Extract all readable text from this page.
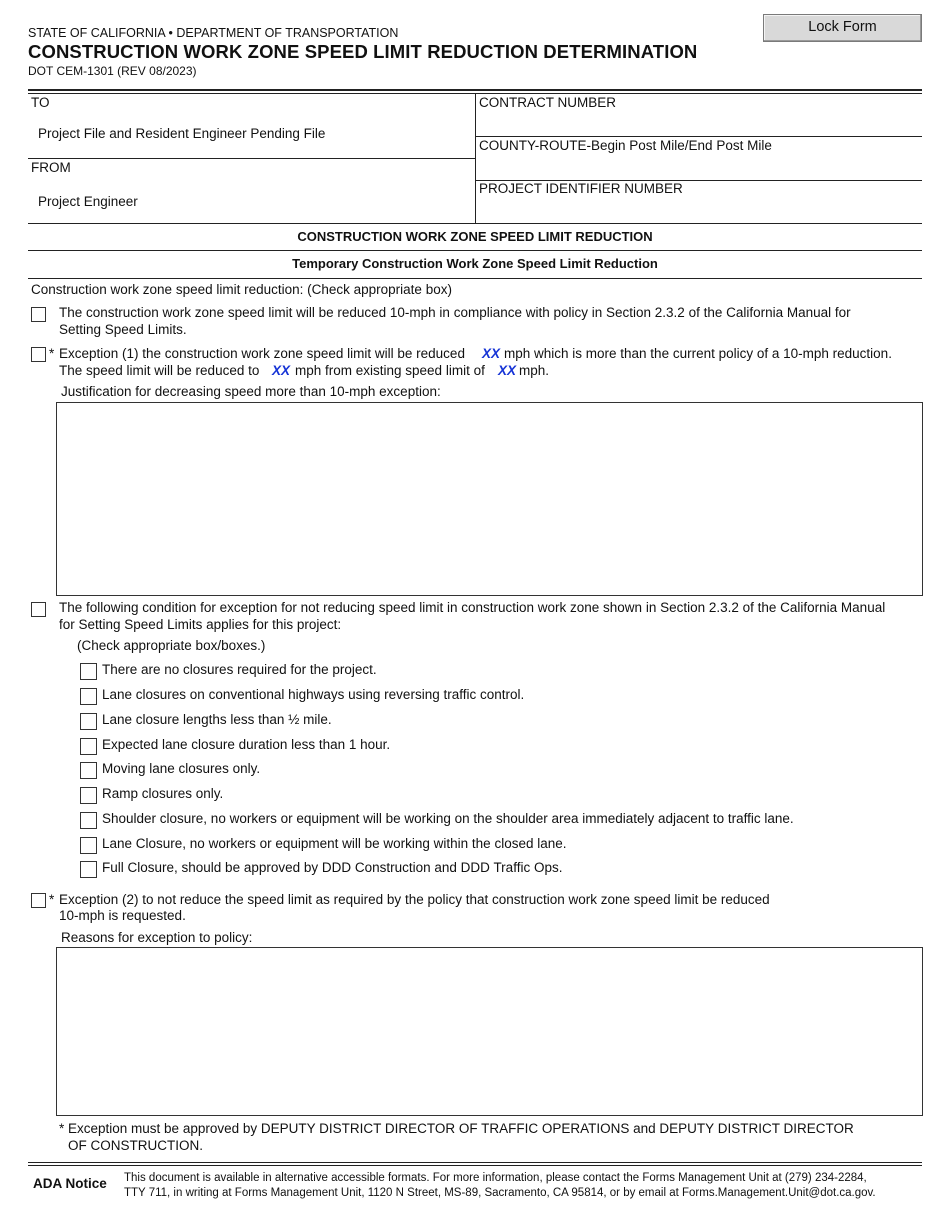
STATE OF CALIFORNIA • DEPARTMENT OF TRANSPORTATION
CONSTRUCTION WORK ZONE SPEED LIMIT REDUCTION DETERMINATION
DOT CEM-1301 (REV 08/2023)
Lock Form
TO
Project File and Resident Engineer Pending File
FROM
Project Engineer
CONTRACT NUMBER
COUNTY-ROUTE-Begin Post Mile/End Post Mile
PROJECT IDENTIFIER NUMBER
CONSTRUCTION WORK ZONE SPEED LIMIT REDUCTION
Temporary Construction Work Zone Speed Limit Reduction
Construction work zone speed limit reduction: (Check appropriate box)
The construction work zone speed limit will be reduced 10-mph in compliance with policy in Section 2.3.2 of the California Manual for
Setting Speed Limits.
* Exception (1) the construction work zone speed limit will be reduced XX mph which is more than the current policy of a 10-mph reduction.
The speed limit will be reduced to XX mph from existing speed limit of XX mph.
Justification for decreasing speed more than 10-mph exception:
The following condition for exception for not reducing speed limit in construction work zone shown in Section 2.3.2 of the California Manual
for Setting Speed Limits applies for this project:
(Check appropriate box/boxes.)
There are no closures required for the project.
Lane closures on conventional highways using reversing traffic control.
Lane closure lengths less than ½ mile.
Expected lane closure duration less than 1 hour.
Moving lane closures only.
Ramp closures only.
Shoulder closure, no workers or equipment will be working on the shoulder area immediately adjacent to traffic lane.
Lane Closure, no workers or equipment will be working within the closed lane.
Full Closure, should be approved by DDD Construction and DDD Traffic Ops.
* Exception (2) to not reduce the speed limit as required by the policy that construction work zone speed limit be reduced
10-mph is requested.
Reasons for exception to policy:
* Exception must be approved by DEPUTY DISTRICT DIRECTOR OF TRAFFIC OPERATIONS and DEPUTY DISTRICT DIRECTOR
OF CONSTRUCTION.
ADA Notice This document is available in alternative accessible formats. For more information, please contact the Forms Management Unit at (279) 234-2284,
TTY 711, in writing at Forms Management Unit, 1120 N Street, MS-89, Sacramento, CA 95814, or by email at Forms.Management.Unit@dot.ca.gov.
